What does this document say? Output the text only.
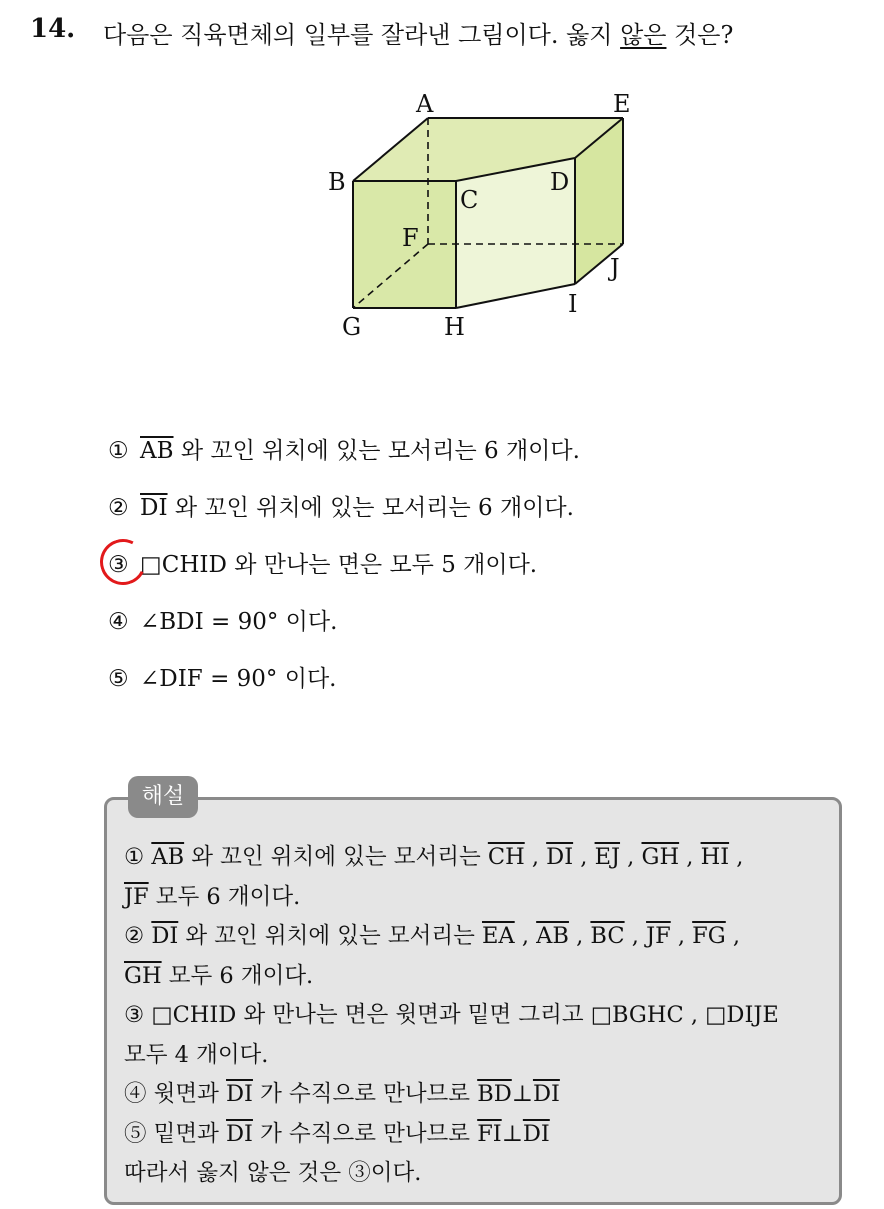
14. 다음은 직육면체의 일부를 잘라낸 그림이다. 옳지 않은 것은?
A	E
B
C
D
F
J
I
G	H
① $\overline{AB}$ 와 꼬인 위치에 있는 모서리는 6 개이다.
② $\overline{DI}$ 와 꼬인 위치에 있는 모서리는 6 개이다.
③ □CHID 와 만나는 면은 모두 5 개이다.
④ ∠BDI = 90° 이다.
⑤ ∠DIF = 90° 이다.
해설
① $\overline{AB}$ 와 꼬인 위치에 있는 모서리는 $\overline{CH}$ , $\overline{DI}$ , $\overline{EJ}$ , $\overline{GH}$ , $\overline{HI}$ ,
$\overline{JF}$ 모두 6 개이다.
② $\overline{DI}$ 와 꼬인 위치에 있는 모서리는 $\overline{EA}$ , $\overline{AB}$ , $\overline{BC}$ , $\overline{JF}$ , $\overline{FG}$ ,
$\overline{GH}$ 모두 6 개이다.
③ □CHID 와 만나는 면은 윗면과 밑면 그리고 □BGHC , □DIJE
모두 4 개이다.
④ 윗면과 $\overline{DI}$ 가 수직으로 만나므로 $\overline{BD}\perp\overline{DI}$
⑤ 밑면과 $\overline{DI}$ 가 수직으로 만나므로 $\overline{FI}\perp\overline{DI}$
따라서 옳지 않은 것은 ③이다.
